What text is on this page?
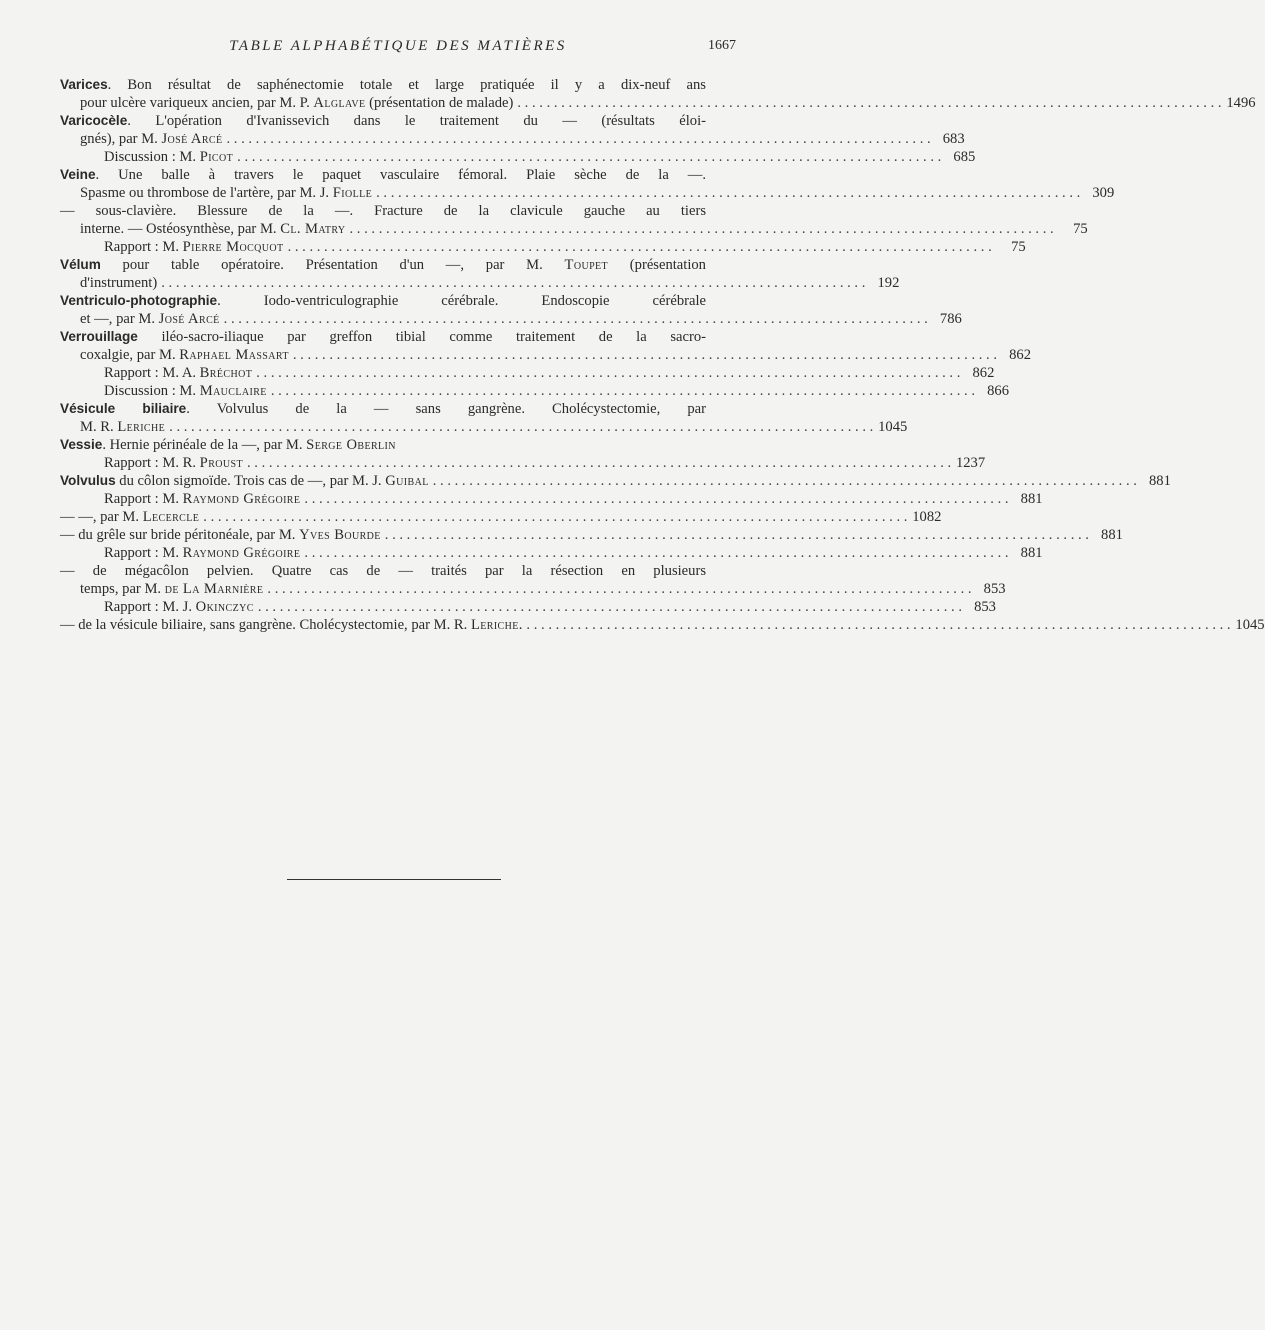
TABLE ALPHABÉTIQUE DES MATIÈRES	1667
Varices. Bon résultat de saphénectomie totale et large pratiquée il y a dix-neuf ans
pour ulcère variqueux ancien, par M. P. Alglave (présentation de malade) . . .	1496
Varicocèle. L'opération d'Ivanissevich dans le traitement du — (résultats éloi-
gnés), par M. José Arcé . . .	683
Discussion : M. Picot . . .	685
Veine. Une balle à travers le paquet vasculaire fémoral. Plaie sèche de la —.
Spasme ou thrombose de l'artère, par M. J. Fiolle . . .	309
— sous-clavière. Blessure de la —. Fracture de la clavicule gauche au tiers
interne. — Ostéosynthèse, par M. Cl. Matry . . .	75
Rapport : M. Pierre Mocquot . . .	75
Vélum pour table opératoire. Présentation d'un —, par M. Toupet (présentation
d'instrument) . . .	192
Ventriculo-photographie. Iodo-ventriculographie cérébrale. Endoscopie cérébrale
et —, par M. José Arcé . . .	786
Verrouillage iléo-sacro-iliaque par greffon tibial comme traitement de la sacro-
coxalgie, par M. Raphael Massart . . .	862
Rapport : M. A. Bréchot . . .	862
Discussion : M. Mauclaire . . .	866
Vésicule biliaire. Volvulus de la — sans gangrène. Cholécystectomie, par
M. R. Leriche . . .	1045
Vessie. Hernie périnéale de la —, par M. Serge Oberlin
Rapport : M. R. Proust . . .	1237
Volvulus du côlon sigmoïde. Trois cas de —, par M. J. Guibal . . .	881
Rapport : M. Raymond Grégoire . . .	881
— —, par M. Lecercle . . .	1082
— du grêle sur bride péritonéale, par M. Yves Bourde . . .	881
Rapport : M. Raymond Grégoire . . .	881
— de mégacôlon pelvien. Quatre cas de — traités par la résection en plusieurs
temps, par M. de La Marnière . . .	853
Rapport : M. J. Okinczyc . . .	853
— de la vésicule biliaire, sans gangrène. Cholécystectomie, par M. R. Leriche. . . .	1045
